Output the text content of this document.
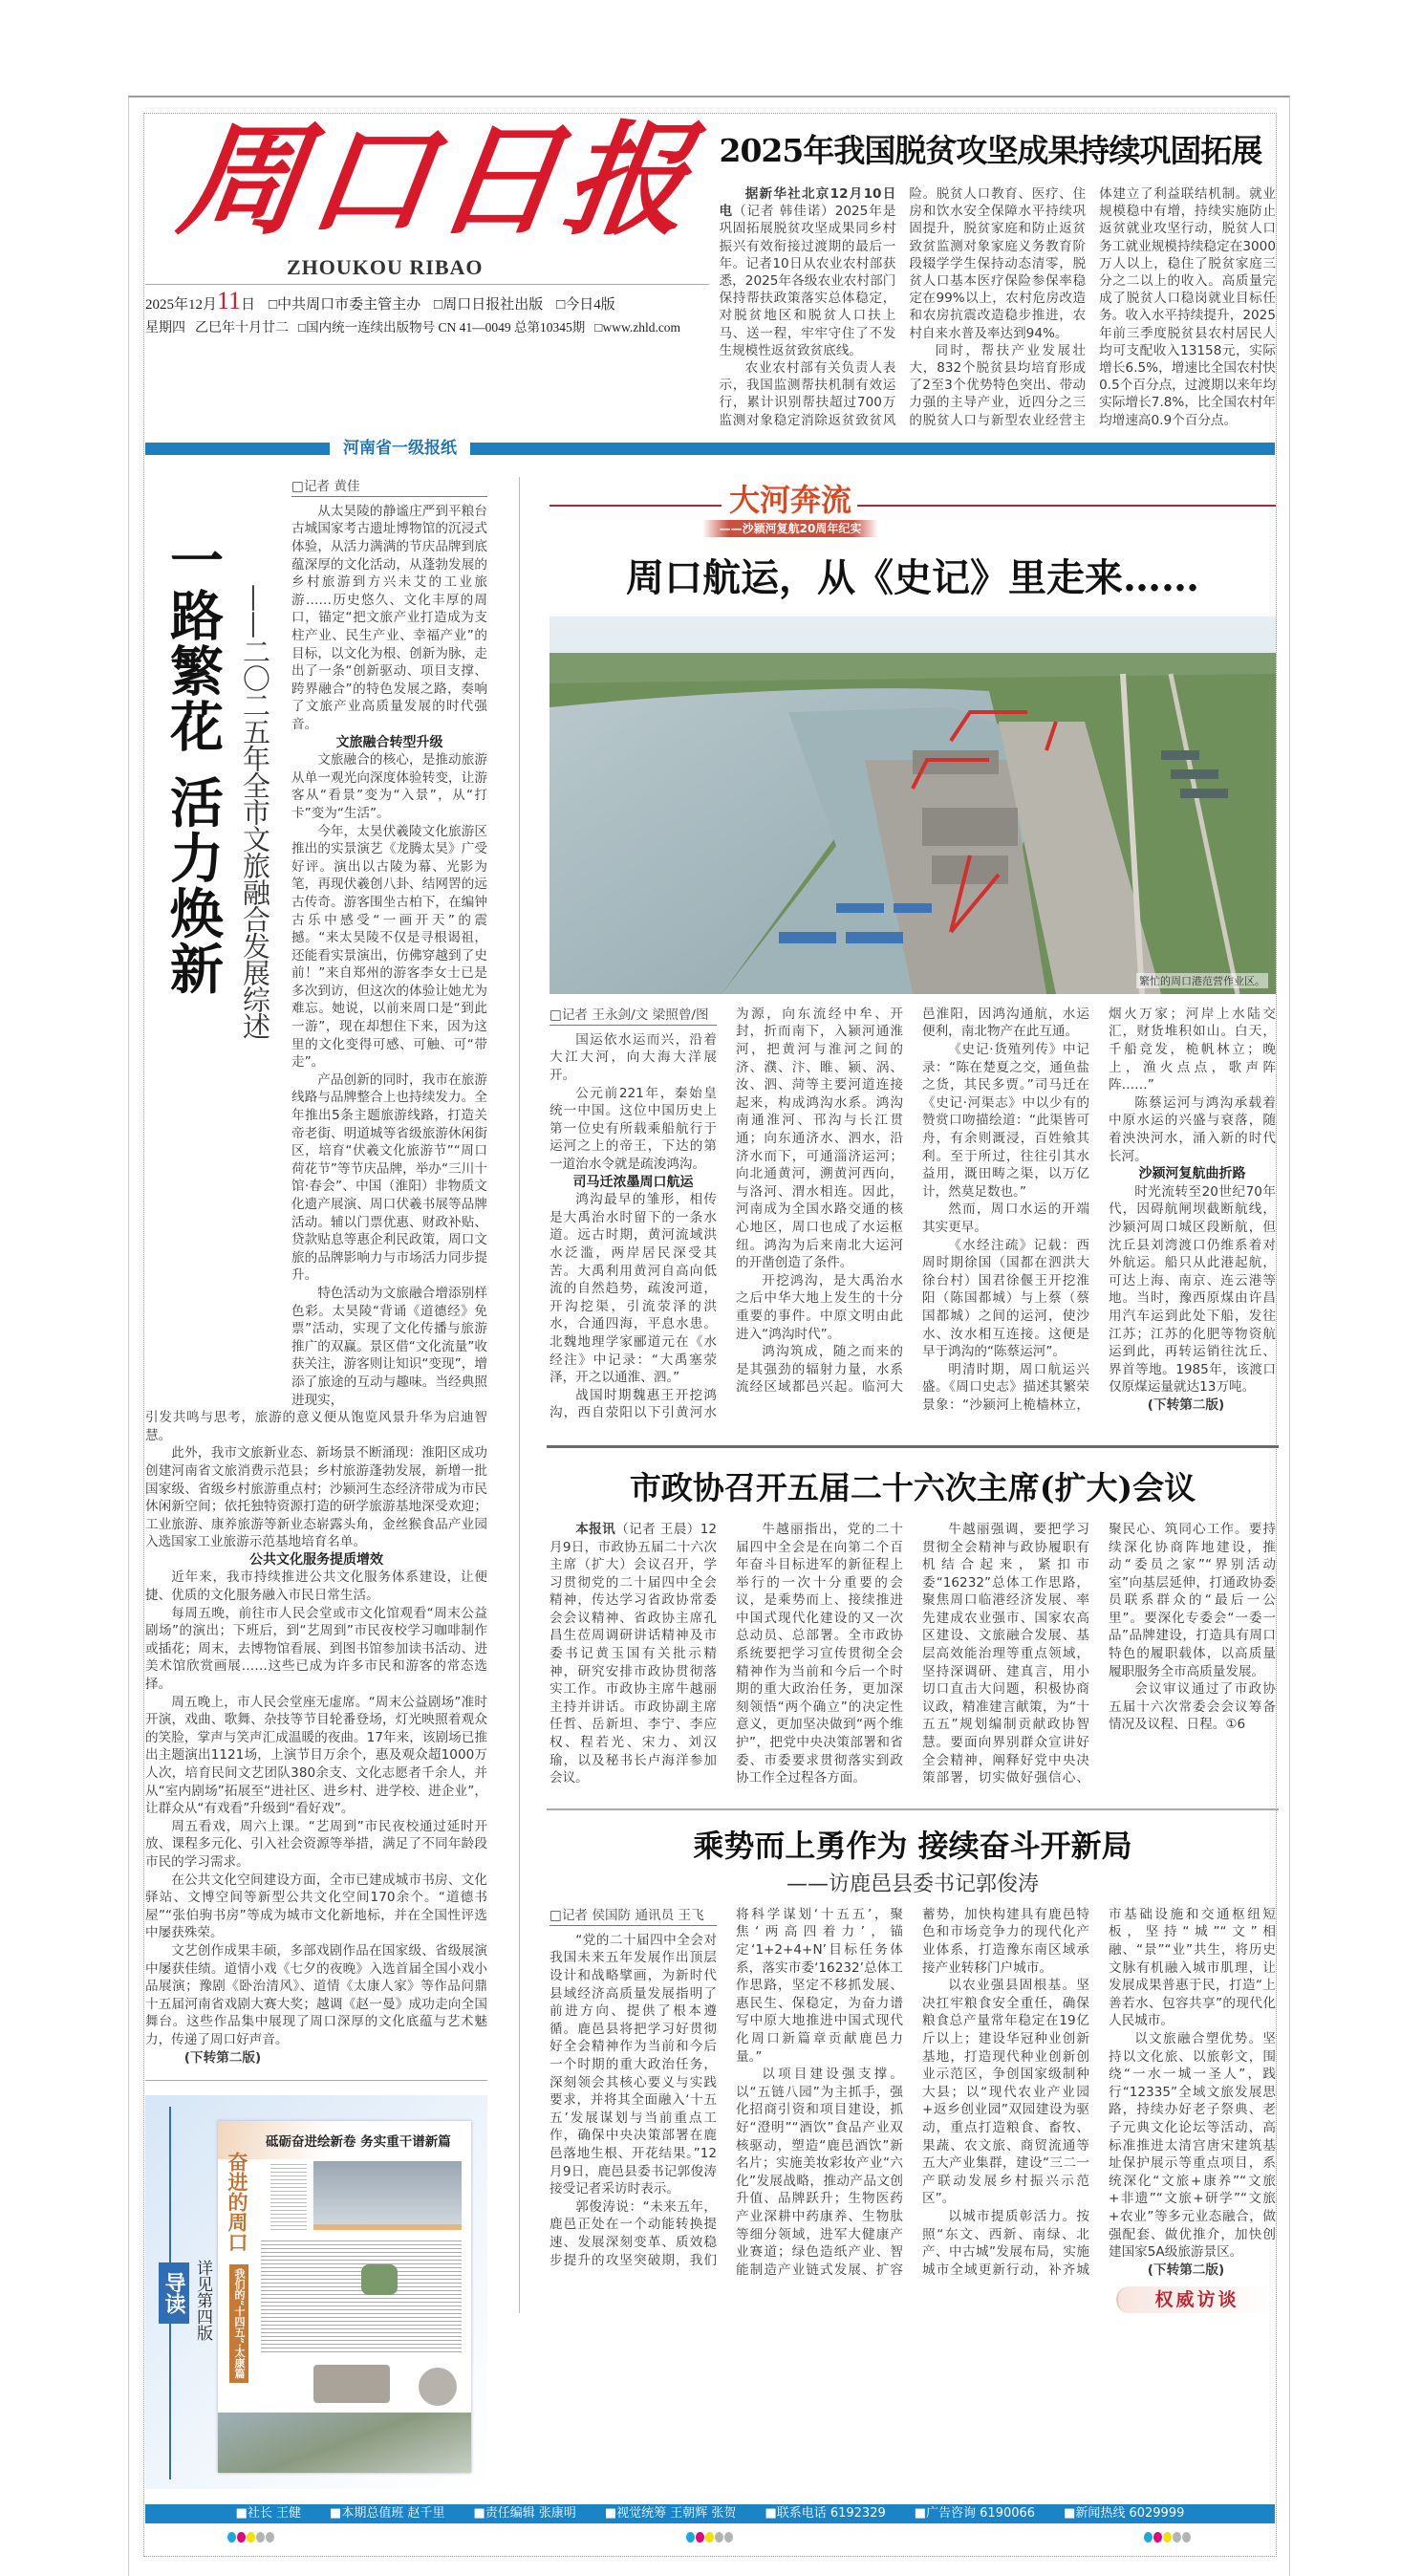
周口日报
ZHOUKOU RIBAO
2025年12月11日 □中共周口市委主管主办 □周口日报社出版 □今日4版
星期四 乙巳年十月廿二 □国内统一连续出版物号 CN 41—0049 总第10345期 □www.zhld.com
2025年我国脱贫攻坚成果持续巩固拓展

据新华社北京12月10日电（记者 韩佳诺）2025年是巩固拓展脱贫攻坚成果同乡村振兴有效衔接过渡期的最后一年。记者10日从农业农村部获悉，2025年各级农业农村部门保持帮扶政策落实总体稳定，对脱贫地区和脱贫人口扶上马、送一程，牢牢守住了不发生规模性返贫致贫底线。

农业农村部有关负责人表示，我国监测帮扶机制有效运行，累计识别帮扶超过700万监测对象稳定消除返贫致贫风险。脱贫人口教育、医疗、住房和饮水安全保障水平持续巩固提升，脱贫家庭和防止返贫致贫监测对象家庭义务教育阶段辍学学生保持动态清零，脱贫人口基本医疗保险参保率稳定在99%以上，农村危房改造和农房抗震改造稳步推进，农村自来水普及率达到94%。

同时，帮扶产业发展壮大，832个脱贫县均培育形成了2至3个优势特色突出、带动力强的主导产业，近四分之三的脱贫人口与新型农业经营主体建立了利益联结机制。就业规模稳中有增，持续实施防止返贫就业攻坚行动，脱贫人口务工就业规模持续稳定在3000万人以上，稳住了脱贫家庭三分之二以上的收入。高质量完成了脱贫人口稳岗就业目标任务。收入水平持续提升，2025年前三季度脱贫县农村居民人均可支配收入13158元，实际增长6.5%，增速比全国农村快0.5个百分点，过渡期以来年均实际增长7.8%，比全国农村年均增速高0.9个百分点。

河南省一级报纸
一路繁花 活力焕新 ——二〇二五年全市文旅融合发展综述
□记者 黄佳

从太昊陵的静谧庄严到平粮台古城国家考古遗址博物馆的沉浸式体验，从活力满满的节庆品牌到底蕴深厚的文化活动，从蓬勃发展的乡村旅游到方兴未艾的工业旅游……历史悠久、文化丰厚的周口，锚定“把文旅产业打造成为支柱产业、民生产业、幸福产业”的目标，以文化为根、创新为脉，走出了一条“创新驱动、项目支撑、跨界融合”的特色发展之路，奏响了文旅产业高质量发展的时代强音。

文旅融合转型升级

文旅融合的核心，是推动旅游从单一观光向深度体验转变，让游客从“看景”变为“入景”，从“打卡”变为“生活”。

今年，太昊伏羲陵文化旅游区推出的实景演艺《龙腾太昊》广受好评。演出以古陵为幕、光影为笔，再现伏羲创八卦、结网罟的远古传奇。游客围坐古柏下，在编钟古乐中感受“一画开天”的震撼。“来太昊陵不仅是寻根谒祖，还能看实景演出，仿佛穿越到了史前！”来自郑州的游客李女士已是多次到访，但这次的体验让她尤为难忘。她说，以前来周口是“到此一游”，现在却想住下来，因为这里的文化变得可感、可触、可“带走”。

产品创新的同时，我市在旅游线路与品牌整合上也持续发力。全年推出5条主题旅游线路，打造关帝老街、明道城等省级旅游休闲街区，培育“伏羲文化旅游节”“周口荷花节”等节庆品牌，举办“三川十馆·春会”、中国（淮阳）非物质文化遗产展演、周口伏羲书展等品牌活动。辅以门票优惠、财政补贴、贷款贴息等惠企利民政策，周口文旅的品牌影响力与市场活力同步提升。

特色活动为文旅融合增添别样色彩。太昊陵“背诵《道德经》免票”活动，实现了文化传播与旅游推广的双赢。景区借“文化流量”收获关注，游客则让知识“变现”，增添了旅途的互动与趣味。当经典照进现实，

引发共鸣与思考，旅游的意义便从饱览风景升华为启迪智慧。

此外，我市文旅新业态、新场景不断涌现：淮阳区成功创建河南省文旅消费示范县；乡村旅游蓬勃发展，新增一批国家级、省级乡村旅游重点村；沙颍河生态经济带成为市民休闲新空间；依托独特资源打造的研学旅游基地深受欢迎；工业旅游、康养旅游等新业态崭露头角，金丝猴食品产业园入选国家工业旅游示范基地培育名单。

公共文化服务提质增效

近年来，我市持续推进公共文化服务体系建设，让便捷、优质的文化服务融入市民日常生活。

每周五晚，前往市人民会堂或市文化馆观看“周末公益剧场”的演出；下班后，到“艺周到”市民夜校学习咖啡制作或插花；周末，去博物馆看展、到图书馆参加读书活动、进美术馆欣赏画展……这些已成为许多市民和游客的常态选择。

周五晚上，市人民会堂座无虚席。“周末公益剧场”准时开演，戏曲、歌舞、杂技等节目轮番登场，灯光映照着观众的笑脸，掌声与笑声汇成温暖的夜曲。17年来，该剧场已推出主题演出1121场，上演节目万余个，惠及观众超1000万人次，培育民间文艺团队380余支、文化志愿者千余人，并从“室内剧场”拓展至“进社区、进乡村、进学校、进企业”，让群众从“有戏看”升级到“看好戏”。

周五看戏，周六上课。“艺周到”市民夜校通过延时开放、课程多元化、引入社会资源等举措，满足了不同年龄段市民的学习需求。

在公共文化空间建设方面，全市已建成城市书房、文化驿站、文博空间等新型公共文化空间170余个。“道德书屋”“张伯驹书房”等成为城市文化新地标，并在全国性评选中屡获殊荣。

文艺创作成果丰硕，多部戏剧作品在国家级、省级展演中屡获佳绩。道情小戏《七夕的夜晚》入选首届全国小戏小品展演；豫剧《卧治清风》、道情《太康人家》等作品问鼎十五届河南省戏剧大赛大奖；越调《赵一曼》成功走向全国舞台。这些作品集中展现了周口深厚的文化底蕴与艺术魅力，传递了周口好声音。

(下转第二版)

导读 详见第四版
砥砺奋进绘新卷 务实重干谱新篇
奋进的周口
我们的“十四五”·太康篇
大河奔流
——沙颍河复航20周年纪实
周口航运，从《史记》里走来……
繁忙的周口港范营作业区。
□记者 王永剑/文 梁照曾/图

国运依水运而兴，沿着大江大河，向大海大洋展开。

公元前221年，秦始皇统一中国。这位中国历史上第一位史有所载乘船航行于运河之上的帝王，下达的第一道治水令就是疏浚鸿沟。

司马迁浓墨周口航运

鸿沟最早的雏形，相传是大禹治水时留下的一条水道。远古时期，黄河流域洪水泛滥，两岸居民深受其苦。大禹利用黄河自高向低流的自然趋势，疏浚河道，开沟挖渠，引流荥泽的洪水，合通四海，平息水患。北魏地理学家郦道元在《水经注》中记录：“大禹塞荥泽，开之以通淮、泗。”

战国时期魏惠王开挖鸿沟，西自荥阳以下引黄河水为源，向东流经中牟、开封，折而南下，入颍河通淮河，把黄河与淮河之间的济、濮、汴、睢、颍、涡、汝、泗、菏等主要河道连接起来，构成鸿沟水系。鸿沟南通淮河、邗沟与长江贯通；向东通济水、泗水，沿济水而下，可通淄济运河；向北通黄河，溯黄河西向，与洛河、渭水相连。因此，河南成为全国水路交通的核心地区，周口也成了水运枢纽。鸿沟为后来南北大运河的开凿创造了条件。

开挖鸿沟，是大禹治水之后中华大地上发生的十分重要的事件。中原文明由此进入“鸿沟时代”。

鸿沟筑成，随之而来的是其强劲的辐射力量，水系流经区域都邑兴起。临河大邑淮阳，因鸿沟通航，水运便利，南北物产在此互通。

《史记·货殖列传》中记录：“陈在楚夏之交，通鱼盐之货，其民多贾。”司马迁在《史记·河渠志》中以少有的赞赏口吻描绘道：“此渠皆可舟，有余则溉浸，百姓飨其利。至于所过，往往引其水益用，溉田畴之渠，以万亿计，然莫足数也。”

然而，周口水运的开端其实更早。

《水经注疏》记载：西周时期徐国（国都在泗洪大徐台村）国君徐偃王开挖淮阳（陈国都城）与上蔡（蔡国都城）之间的运河，使沙水、汝水相互连接。这便是早于鸿沟的“陈蔡运河”。

明清时期，周口航运兴盛。《周口史志》描述其繁荣景象：“沙颍河上桅樯林立，烟火万家；河岸上水陆交汇，财货堆积如山。白天，千船竞发，桅帆林立；晚上，渔火点点，歌声阵阵……”

陈蔡运河与鸿沟承载着中原水运的兴盛与衰落，随着泱泱河水，涌入新的时代长河。

沙颍河复航曲折路

时光流转至20世纪70年代，因碍航闸坝截断航线，沙颍河周口城区段断航，但沈丘县刘湾渡口仍维系着对外航运。船只从此港起航，可达上海、南京、连云港等地。当时，豫西原煤由许昌用汽车运到此处下船，发往江苏；江苏的化肥等物资航运到此，再转运销往沈丘、界首等地。1985年，该渡口仅原煤运量就达13万吨。

(下转第二版)

市政协召开五届二十六次主席(扩大)会议

本报讯（记者 王晨）12月9日，市政协五届二十六次主席（扩大）会议召开，学习贯彻党的二十届四中全会精神，传达学习省政协常委会会议精神、省政协主席孔昌生莅周调研讲话精神及市委书记黄玉国有关批示精神，研究安排市政协贯彻落实工作。市政协主席牛越丽主持并讲话。市政协副主席任哲、岳新坦、李宁、李应权、程若光、宋力、刘汉瑜，以及秘书长卢海洋参加会议。

牛越丽指出，党的二十届四中全会是在向第二个百年奋斗目标进军的新征程上举行的一次十分重要的会议，是乘势而上、接续推进中国式现代化建设的又一次总动员、总部署。全市政协系统要把学习宣传贯彻全会精神作为当前和今后一个时期的重大政治任务，更加深刻领悟“两个确立”的决定性意义，更加坚决做到“两个维护”，把党中央决策部署和省委、市委要求贯彻落实到政协工作全过程各方面。

牛越丽强调，要把学习贯彻全会精神与政协履职有机结合起来，紧扣市委“16232”总体工作思路，聚焦周口临港经济发展、率先建成农业强市、国家农高区建设、文旅融合发展、基层高效能治理等重点领域，坚持深调研、建真言，用小切口直击大问题，积极协商议政，精准建言献策，为“十五五”规划编制贡献政协智慧。要面向界别群众宣讲好全会精神，阐释好党中央决策部署，切实做好强信心、聚民心、筑同心工作。要持续深化协商阵地建设，推动“委员之家”“界别活动室”向基层延伸，打通政协委员联系群众的“最后一公里”。要深化专委会“一委一品”品牌建设，打造具有周口特色的履职载体，以高质量履职服务全市高质量发展。

会议审议通过了市政协五届十六次常委会会议筹备情况及议程、日程。①6

乘势而上勇作为 接续奋斗开新局
——访鹿邑县委书记郭俊涛
□记者 侯国防 通讯员 王飞

“党的二十届四中全会对我国未来五年发展作出顶层设计和战略擘画，为新时代县域经济高质量发展指明了前进方向、提供了根本遵循。鹿邑县将把学习好贯彻好全会精神作为当前和今后一个时期的重大政治任务，深刻领会其核心要义与实践要求，并将其全面融入‘十五五’发展谋划与当前重点工作，确保中央决策部署在鹿邑落地生根、开花结果。”12月9日，鹿邑县委书记郭俊涛接受记者采访时表示。

郭俊涛说：“未来五年，鹿邑正处在一个动能转换提速、发展深刻变革、质效稳步提升的攻坚突破期，我们将科学谋划‘十五五’，聚焦‘两高四着力’，锚定‘1+2+4+N’目标任务体系，落实市委‘16232’总体工作思路，坚定不移抓发展、惠民生、保稳定，为奋力谱写中原大地推进中国式现代化周口新篇章贡献鹿邑力量。”

以项目建设强支撑。以“五链八园”为主抓手，强化招商引资和项目建设，抓好“澄明”“酒饮”食品产业双核驱动，塑造“鹿邑酒饮”新名片；实施美妆彩妆产业“六化”发展战略，推动产品文创升值、品牌跃升；生物医药产业深耕中药康养、生物肽等细分领域，进军大健康产业赛道；绿色造纸产业、智能制造产业链式发展、扩容蓄势，加快构建具有鹿邑特色和市场竞争力的现代化产业体系，打造豫东南区域承接产业转移门户城市。

以农业强县固根基。坚决扛牢粮食安全重任，确保粮食总产量常年稳定在19亿斤以上；建设华冠种业创新基地，打造现代种业创新创业示范区，争创国家级制种大县；以“现代农业产业园+返乡创业园”双园建设为驱动，重点打造粮食、畜牧、果蔬、农文旅、商贸流通等五大产业集群，建设“三二一产联动发展乡村振兴示范区”。

以城市提质彰活力。按照“东文、西新、南绿、北产、中古城”发展布局，实施城市全域更新行动，补齐城市基础设施和交通枢纽短板，坚持“城”“文”相融、“景”“业”共生，将历史文脉有机融入城市肌理，让发展成果普惠于民，打造“上善若水、包容共享”的现代化人民城市。

以文旅融合塑优势。坚持以文化旅、以旅彰文，围绕“一水一城一圣人”，践行“12335”全域文旅发展思路，持续办好老子祭典、老子元典文化论坛等活动，高标准推进太清宫唐宋建筑基址保护展示等重点项目，系统深化“文旅+康养”“文旅+非遗”“文旅+研学”“文旅+农业”等多元业态融合，做强配套、做优推介，加快创建国家5A级旅游景区。

(下转第二版)

权威访谈
■社长 王健 ■本期总值班 赵千里 ■责任编辑 张康明 ■视觉统筹 王朝辉 张贺 ■联系电话 6192329 ■广告咨询 6190066 ■新闻热线 6029999
